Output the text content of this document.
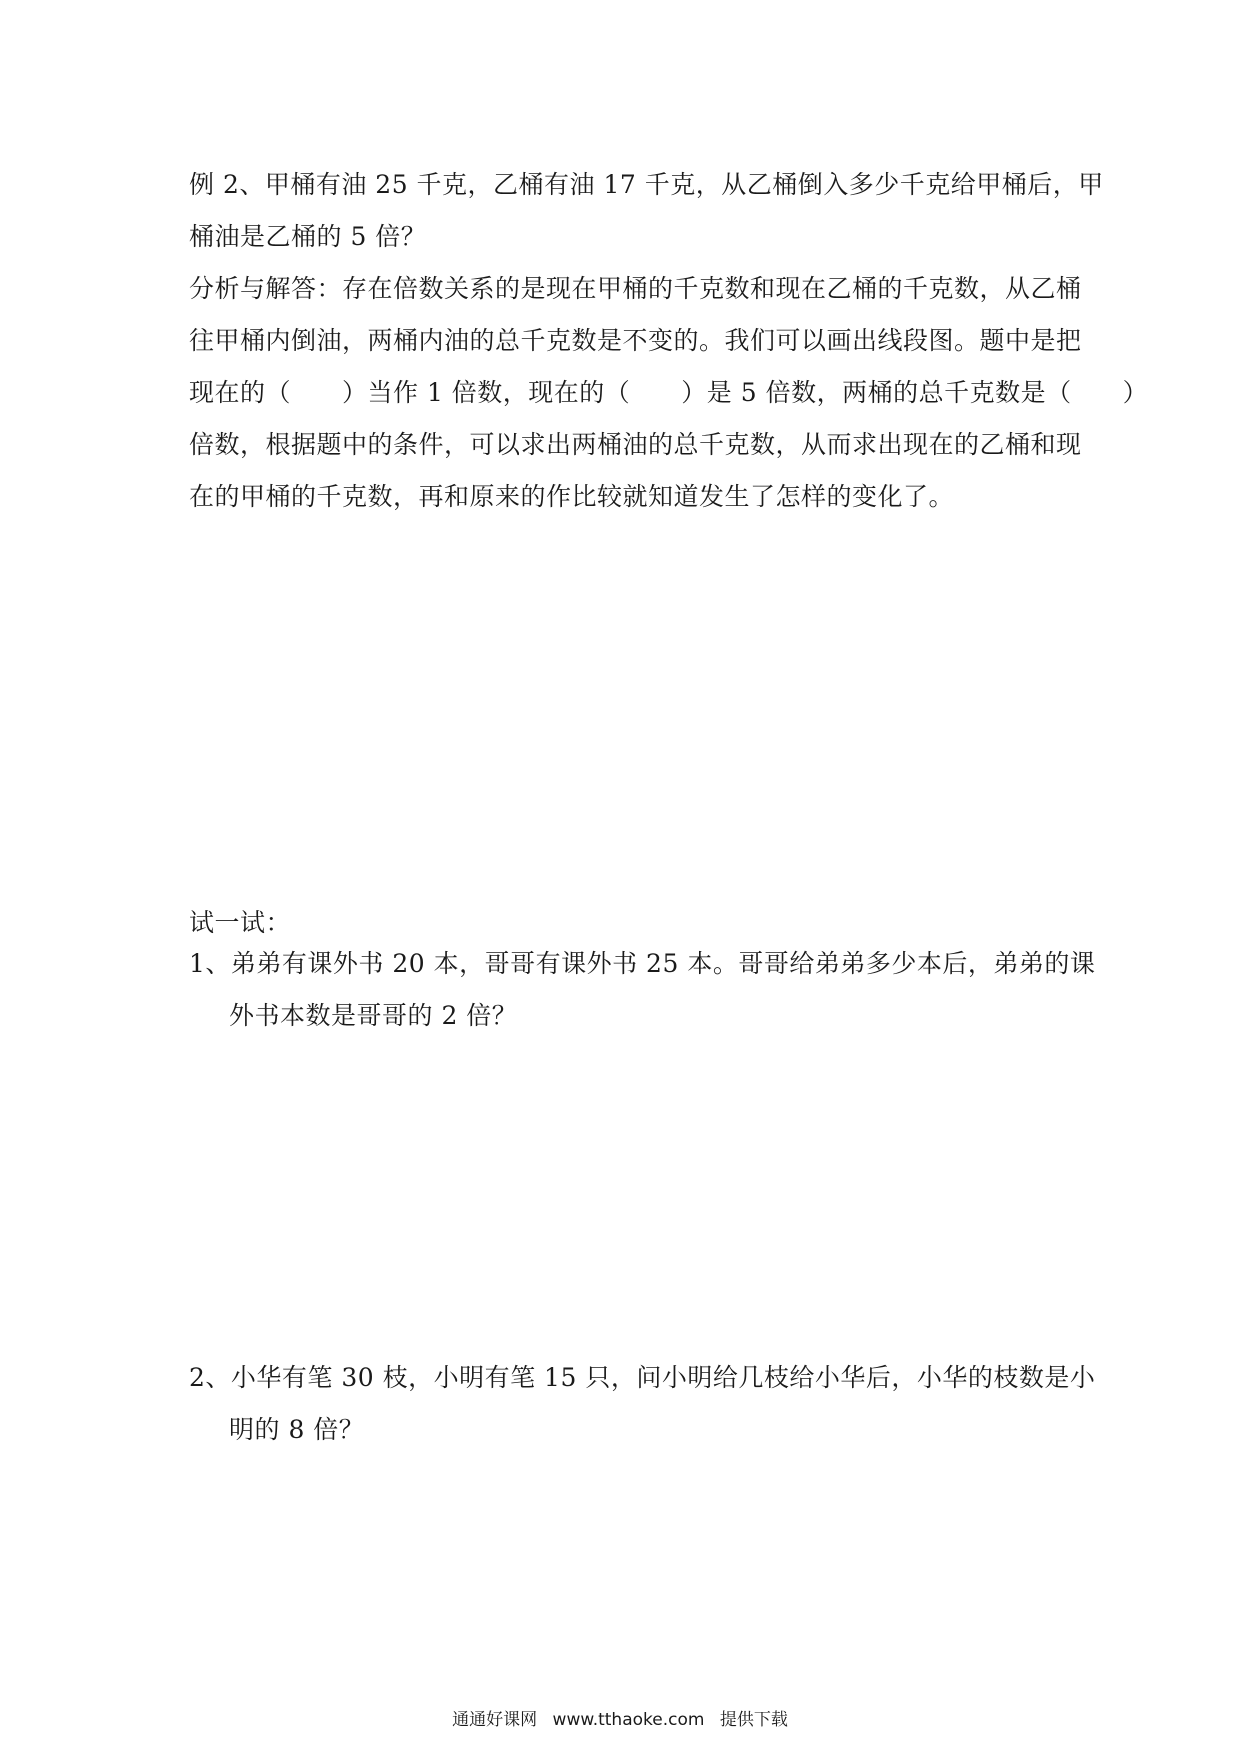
例 2、甲桶有油 25 千克，乙桶有油 17 千克，从乙桶倒入多少千克给甲桶后，甲
桶油是乙桶的 5 倍？
分析与解答：存在倍数关系的是现在甲桶的千克数和现在乙桶的千克数，从乙桶
往甲桶内倒油，两桶内油的总千克数是不变的。我们可以画出线段图。题中是把
现在的（　　）当作 1 倍数，现在的（　　）是 5 倍数，两桶的总千克数是（　　）
倍数，根据题中的条件，可以求出两桶油的总千克数，从而求出现在的乙桶和现
在的甲桶的千克数，再和原来的作比较就知道发生了怎样的变化了。
试一试：
1、弟弟有课外书 20 本，哥哥有课外书 25 本。哥哥给弟弟多少本后，弟弟的课
外书本数是哥哥的 2 倍？
2、小华有笔 30 枝，小明有笔 15 只，问小明给几枝给小华后，小华的枝数是小
明的 8 倍？
通通好课网 www.tthaoke.com 提供下载
